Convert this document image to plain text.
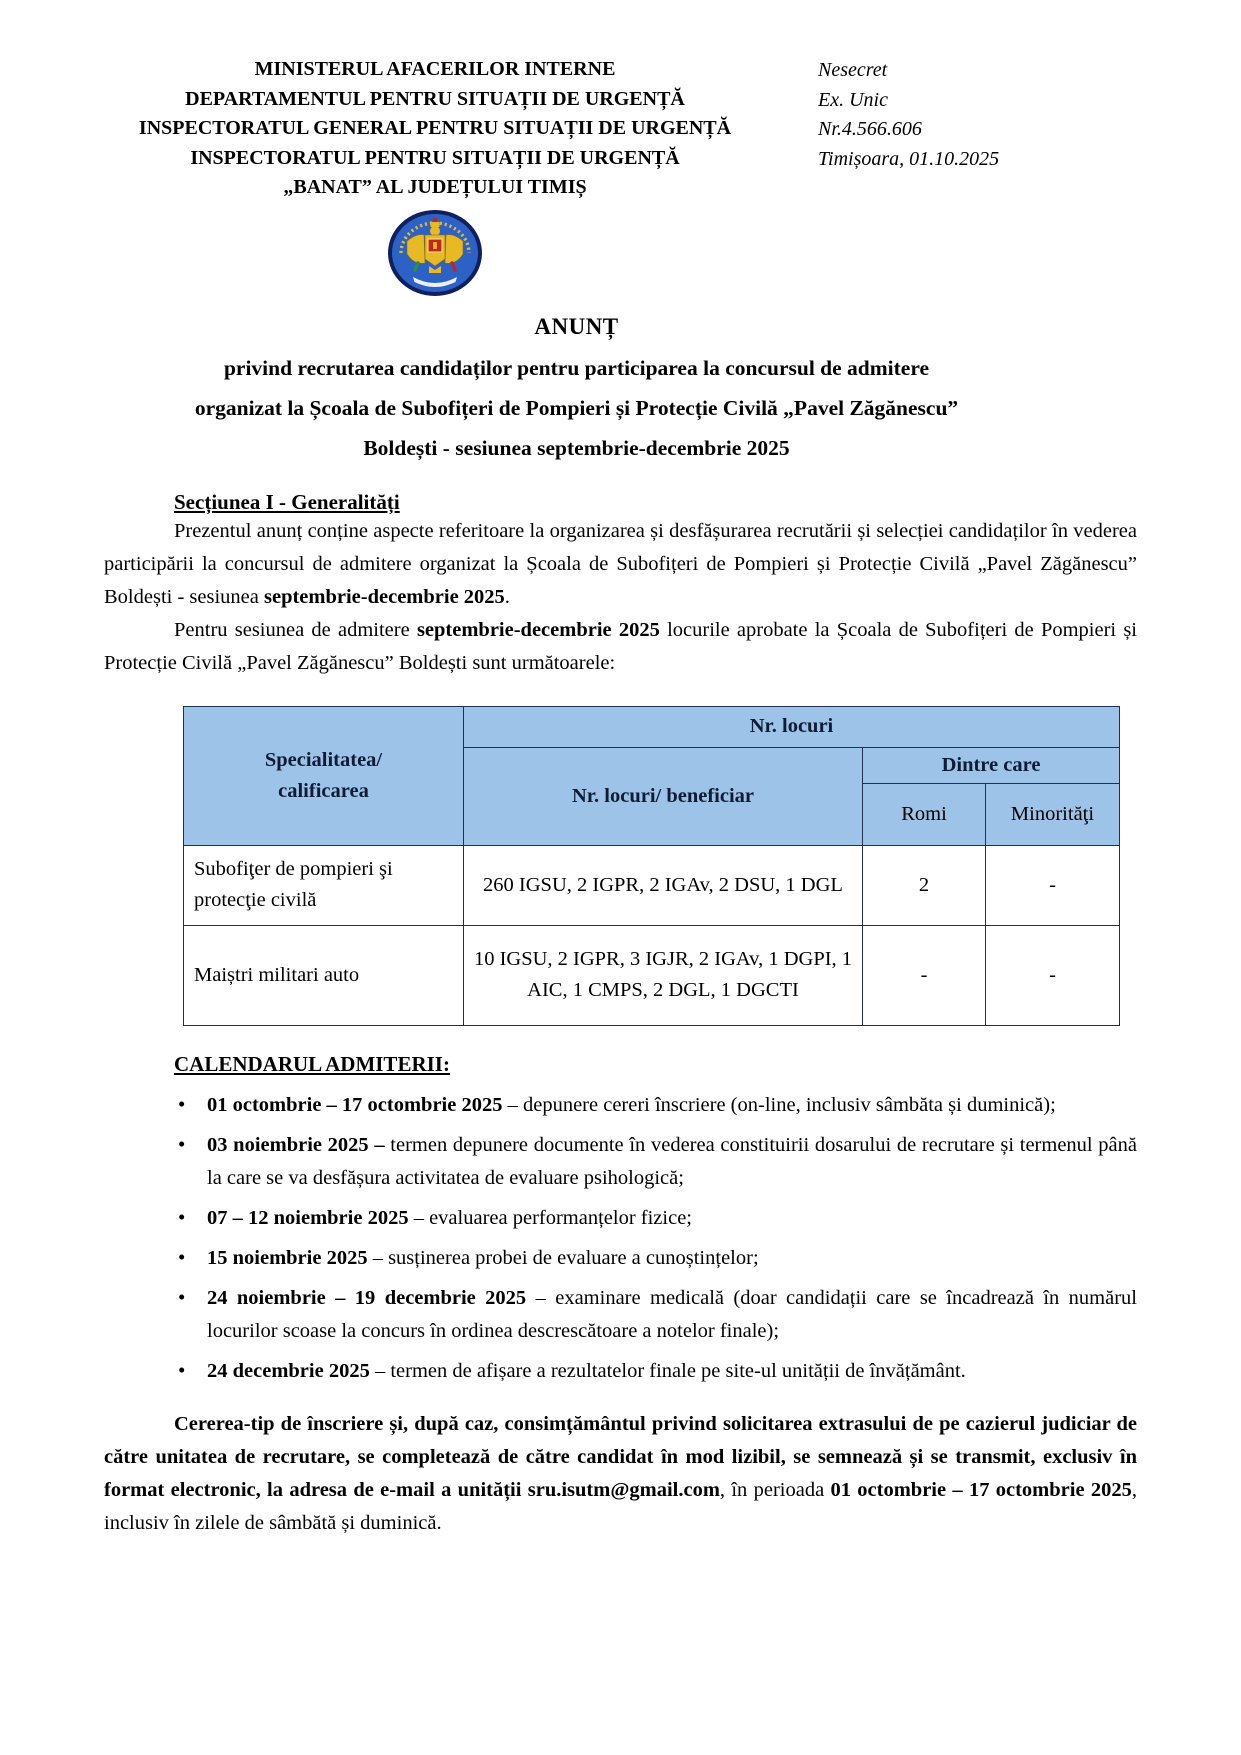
MINISTERUL AFACERILOR INTERNE
DEPARTAMENTUL PENTRU SITUAȚII DE URGENȚĂ
INSPECTORATUL GENERAL PENTRU SITUAȚII DE URGENȚĂ
INSPECTORATUL PENTRU SITUAȚII DE URGENȚĂ
„BANAT” AL JUDEȚULUI TIMIȘ
Nesecret
Ex. Unic
Nr.4.566.606
Timișoara, 01.10.2025
ANUNȚ
privind recrutarea candidaților pentru participarea la concursul de admitere
organizat la Școala de Subofițeri de Pompieri și Protecție Civilă „Pavel Zăgănescu”
Boldești - sesiunea septembrie-decembrie 2025
Secțiunea I - Generalități

Prezentul anunț conține aspecte referitoare la organizarea și desfășurarea recrutării și selecției candidaților în vederea participării la concursul de admitere organizat la Școala de Subofițeri de Pompieri și Protecție Civilă „Pavel Zăgănescu” Boldești - sesiunea septembrie-decembrie 2025.

Pentru sesiunea de admitere septembrie-decembrie 2025 locurile aprobate la Școala de Subofițeri de Pompieri și Protecție Civilă „Pavel Zăgănescu” Boldești sunt următoarele:

Specialitatea/
calificarea	Nr. locuri		
	Nr. locuri/ beneficiar	Dintre care	
		Romi	Minorităţi
Subofiţer de pompieri şi protecţie civilă	260 IGSU, 2 IGPR, 2 IGAv, 2 DSU, 1 DGL	2	-
Maiștri militari auto	10 IGSU, 2 IGPR, 3 IGJR, 2 IGAv, 1 DGPI, 1 AIC, 1 CMPS, 2 DGL, 1 DGCTI	-	-
CALENDARUL ADMITERII:
• 01 octombrie – 17 octombrie 2025 – depunere cereri înscriere (on-line, inclusiv sâmbăta și duminică);
• 03 noiembrie 2025 – termen depunere documente în vederea constituirii dosarului de recrutare și termenul până la care se va desfășura activitatea de evaluare psihologică;
• 07 – 12 noiembrie 2025 – evaluarea performanțelor fizice;
• 15 noiembrie 2025 – susținerea probei de evaluare a cunoștințelor;
• 24 noiembrie – 19 decembrie 2025 – examinare medicală (doar candidații care se încadrează în numărul locurilor scoase la concurs în ordinea descrescătoare a notelor finale);
• 24 decembrie 2025 – termen de afișare a rezultatelor finale pe site-ul unității de învățământ.

Cererea-tip de înscriere și, după caz, consimțământul privind solicitarea extrasului de pe cazierul judiciar de către unitatea de recrutare, se completează de către candidat în mod lizibil, se semnează și se transmit, exclusiv în format electronic, la adresa de e-mail a unității sru.isutm@gmail.com, în perioada 01 octombrie – 17 octombrie 2025, inclusiv în zilele de sâmbătă și duminică.
